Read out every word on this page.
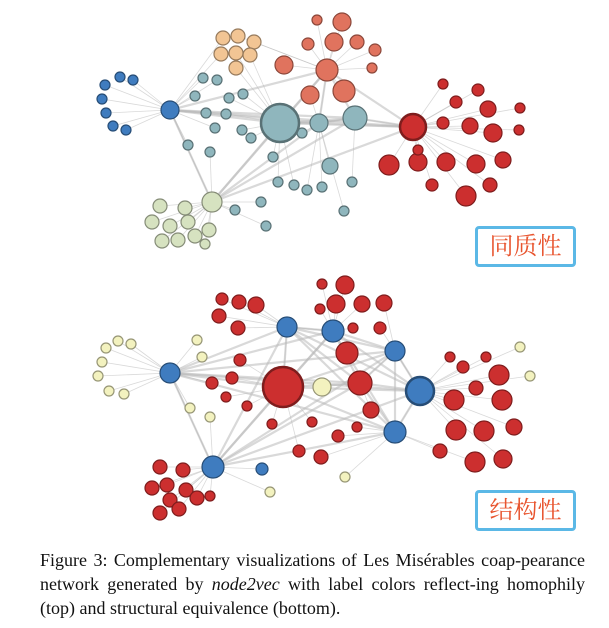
同质性
结构性
Figure 3: Complementary visualizations of Les Misérables coap-pearance network generated by node2vec with label colors reflect-ing homophily (top) and structural equivalence (bottom).
